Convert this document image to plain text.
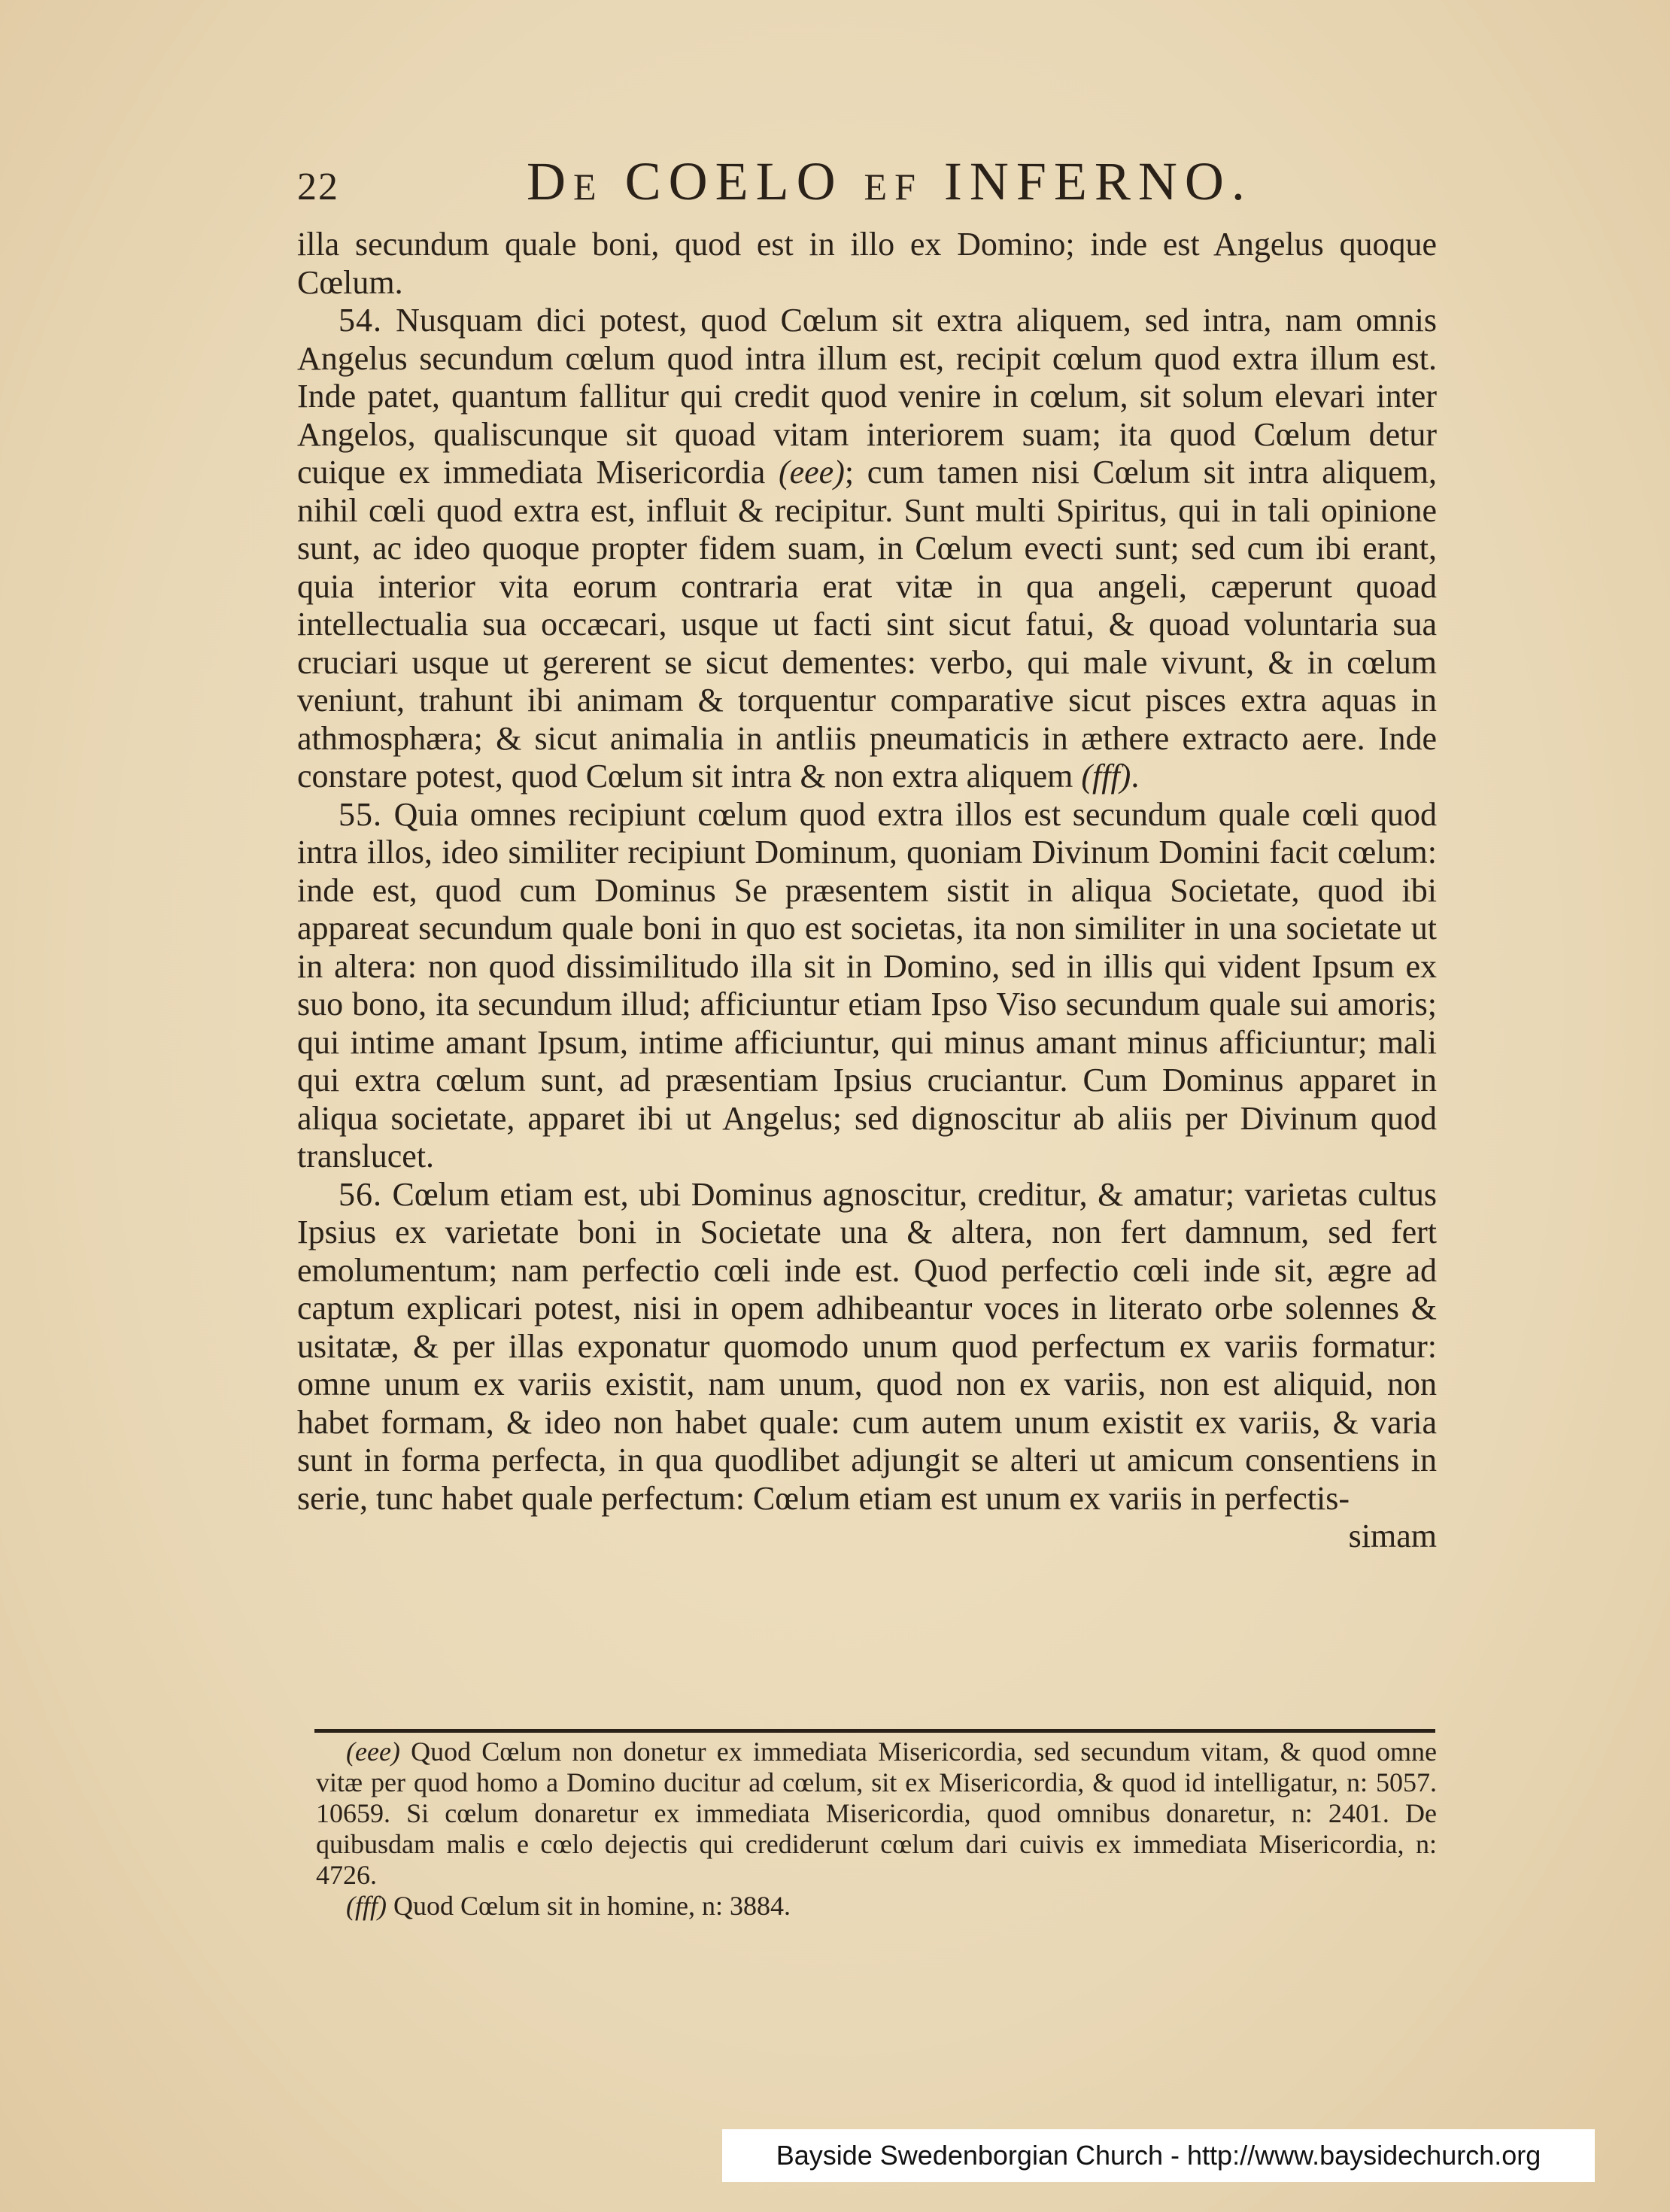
22	De COELO ef INFERNO.

illa secundum quale boni, quod est in illo ex Domino; inde est Angelus quoque Cœlum.

54. Nusquam dici potest, quod Cœlum sit extra aliquem, sed intra, nam omnis Angelus secundum cœlum quod intra illum est, recipit cœlum quod extra illum est. Inde patet, quantum fallitur qui credit quod venire in cœlum, sit solum elevari inter Angelos, qualiscunque sit quoad vitam interiorem suam; ita quod Cœlum detur cuique ex immediata Misericordia (eee); cum tamen nisi Cœlum sit intra aliquem, nihil cœli quod extra est, influit & recipitur. Sunt multi Spiritus, qui in tali opinione sunt, ac ideo quoque propter fidem suam, in Cœlum evecti sunt; sed cum ibi erant, quia interior vita eorum contraria erat vitæ in qua angeli, cæperunt quoad intellectualia sua occæcari, usque ut facti sint sicut fatui, & quoad voluntaria sua cruciari usque ut gererent se sicut dementes: verbo, qui male vivunt, & in cœlum veniunt, trahunt ibi animam & torquentur comparative sicut pisces extra aquas in athmosphæra; & sicut animalia in antliis pneumaticis in æthere extracto aere. Inde constare potest, quod Cœlum sit intra & non extra aliquem (fff).

55. Quia omnes recipiunt cœlum quod extra illos est secundum quale cœli quod intra illos, ideo similiter recipiunt Dominum, quoniam Divinum Domini facit cœlum: inde est, quod cum Dominus Se præsentem sistit in aliqua Societate, quod ibi appareat secundum quale boni in quo est societas, ita non similiter in una societate ut in altera: non quod dissimilitudo illa sit in Domino, sed in illis qui vident Ipsum ex suo bono, ita secundum illud; afficiuntur etiam Ipso Viso secundum quale sui amoris; qui intime amant Ipsum, intime afficiuntur, qui minus amant minus afficiuntur; mali qui extra cœlum sunt, ad præsentiam Ipsius cruciantur. Cum Dominus apparet in aliqua societate, apparet ibi ut Angelus; sed dignoscitur ab aliis per Divinum quod translucet.

56. Cœlum etiam est, ubi Dominus agnoscitur, creditur, & amatur; varietas cultus Ipsius ex varietate boni in Societate una & altera, non fert damnum, sed fert emolumentum; nam perfectio cœli inde est. Quod perfectio cœli inde sit, ægre ad captum explicari potest, nisi in opem adhibeantur voces in literato orbe solennes & usitatæ, & per illas exponatur quomodo unum quod perfectum ex variis formatur: omne unum ex variis existit, nam unum, quod non ex variis, non est aliquid, non habet formam, & ideo non habet quale: cum autem unum existit ex variis, & varia sunt in forma perfecta, in qua quodlibet adjungit se alteri ut amicum consentiens in serie, tunc habet quale perfectum: Cœlum etiam est unum ex variis in perfectis-

simam

(eee) Quod Cœlum non donetur ex immediata Misericordia, sed secundum vitam, & quod omne vitæ per quod homo a Domino ducitur ad cœlum, sit ex Misericordia, & quod id intelligatur, n: 5057. 10659. Si cœlum donaretur ex immediata Misericordia, quod omnibus donaretur, n: 2401. De quibusdam malis e cœlo dejectis qui crediderunt cœlum dari cuivis ex immediata Misericordia, n: 4726.

(fff) Quod Cœlum sit in homine, n: 3884.

Bayside Swedenborgian Church - http://www.baysidechurch.org
